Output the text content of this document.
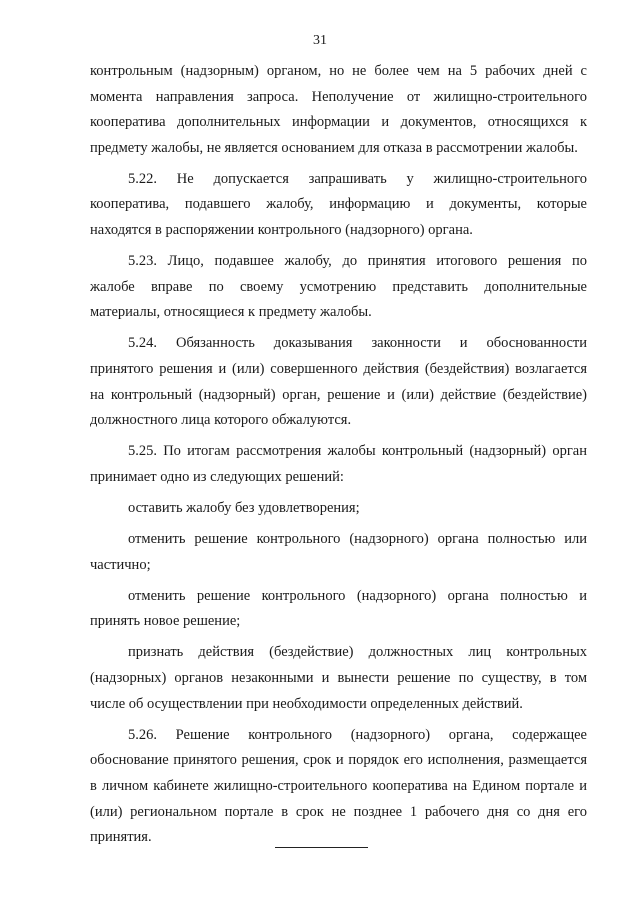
31
контрольным (надзорным) органом, но не более чем на 5 рабочих дней с
момента направления запроса. Неполучение от жилищно-строительного
кооператива дополнительных информации и документов, относящихся к
предмету жалобы, не является основанием для отказа в рассмотрении жалобы.
5.22. Не допускается запрашивать у жилищно-строительного
кооператива, подавшего жалобу, информацию и документы, которые
находятся в распоряжении контрольного (надзорного) органа.
5.23. Лицо, подавшее жалобу, до принятия итогового решения по
жалобе вправе по своему усмотрению представить дополнительные
материалы, относящиеся к предмету жалобы.
5.24. Обязанность доказывания законности и обоснованности
принятого решения и (или) совершенного действия (бездействия) возлагается
на контрольный (надзорный) орган, решение и (или) действие (бездействие)
должностного лица которого обжалуются.
5.25. По итогам рассмотрения жалобы контрольный (надзорный) орган
принимает одно из следующих решений:
оставить жалобу без удовлетворения;
отменить решение контрольного (надзорного) органа полностью или
частично;
отменить решение контрольного (надзорного) органа полностью и
принять новое решение;
признать действия (бездействие) должностных лиц контрольных
(надзорных) органов незаконными и вынести решение по существу, в том
числе об осуществлении при необходимости определенных действий.
5.26. Решение контрольного (надзорного) органа, содержащее
обоснование принятого решения, срок и порядок его исполнения, размещается
в личном кабинете жилищно-строительного кооператива на Едином портале и
(или) региональном портале в срок не позднее 1 рабочего дня со дня его
принятия.
